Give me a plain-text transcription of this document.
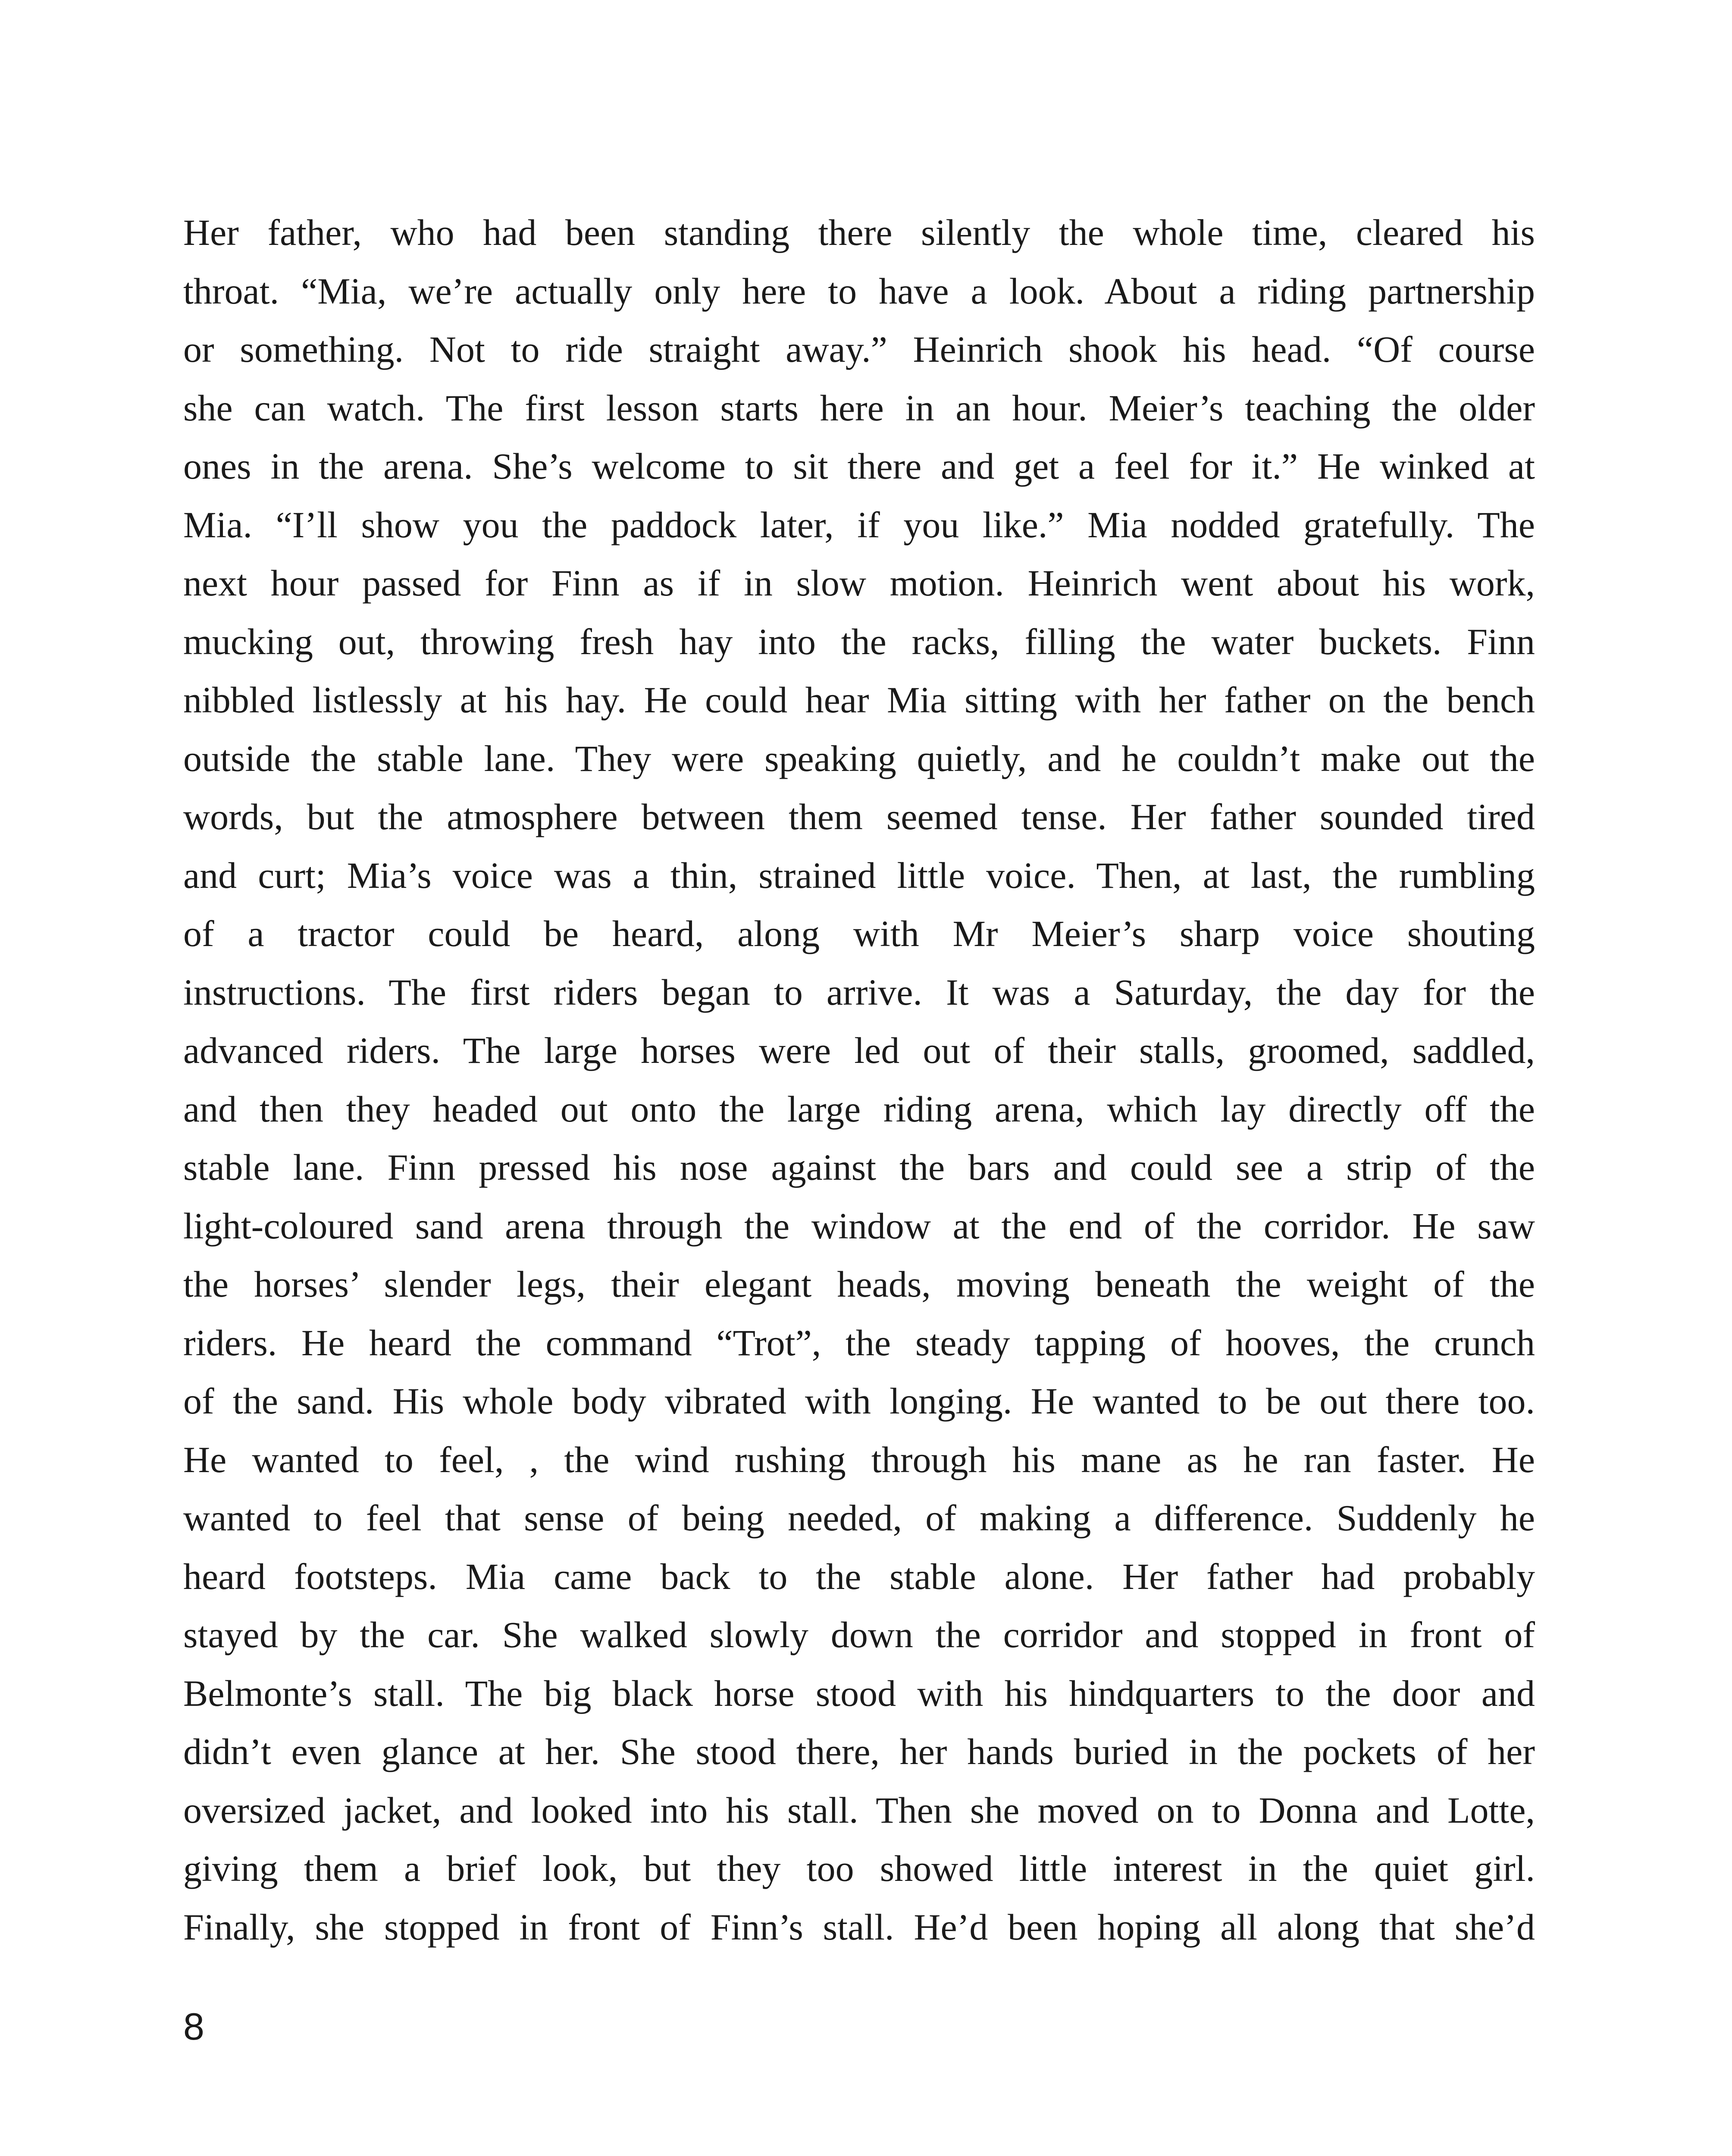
Her father, who had been standing there silently the whole time, cleared his
throat. “Mia, we’re actually only here to have a look. About a riding partnership
or something. Not to ride straight away.” Heinrich shook his head. “Of course
she can watch. The first lesson starts here in an hour. Meier’s teaching the older
ones in the arena. She’s welcome to sit there and get a feel for it.” He winked at
Mia. “I’ll show you the paddock later, if you like.” Mia nodded gratefully. The
next hour passed for Finn as if in slow motion. Heinrich went about his work,
mucking out, throwing fresh hay into the racks, filling the water buckets. Finn
nibbled listlessly at his hay. He could hear Mia sitting with her father on the bench
outside the stable lane. They were speaking quietly, and he couldn’t make out the
words, but the atmosphere between them seemed tense. Her father sounded tired
and curt; Mia’s voice was a thin, strained little voice. Then, at last, the rumbling
of a tractor could be heard, along with Mr Meier’s sharp voice shouting
instructions. The first riders began to arrive. It was a Saturday, the day for the
advanced riders. The large horses were led out of their stalls, groomed, saddled,
and then they headed out onto the large riding arena, which lay directly off the
stable lane. Finn pressed his nose against the bars and could see a strip of the
light-coloured sand arena through the window at the end of the corridor. He saw
the horses’ slender legs, their elegant heads, moving beneath the weight of the
riders. He heard the command “Trot”, the steady tapping of hooves, the crunch
of the sand. His whole body vibrated with longing. He wanted to be out there too.
He wanted to feel, , the wind rushing through his mane as he ran faster. He
wanted to feel that sense of being needed, of making a difference. Suddenly he
heard footsteps. Mia came back to the stable alone. Her father had probably
stayed by the car. She walked slowly down the corridor and stopped in front of
Belmonte’s stall. The big black horse stood with his hindquarters to the door and
didn’t even glance at her. She stood there, her hands buried in the pockets of her
oversized jacket, and looked into his stall. Then she moved on to Donna and Lotte,
giving them a brief look, but they too showed little interest in the quiet girl.
Finally, she stopped in front of Finn’s stall. He’d been hoping all along that she’d
8
